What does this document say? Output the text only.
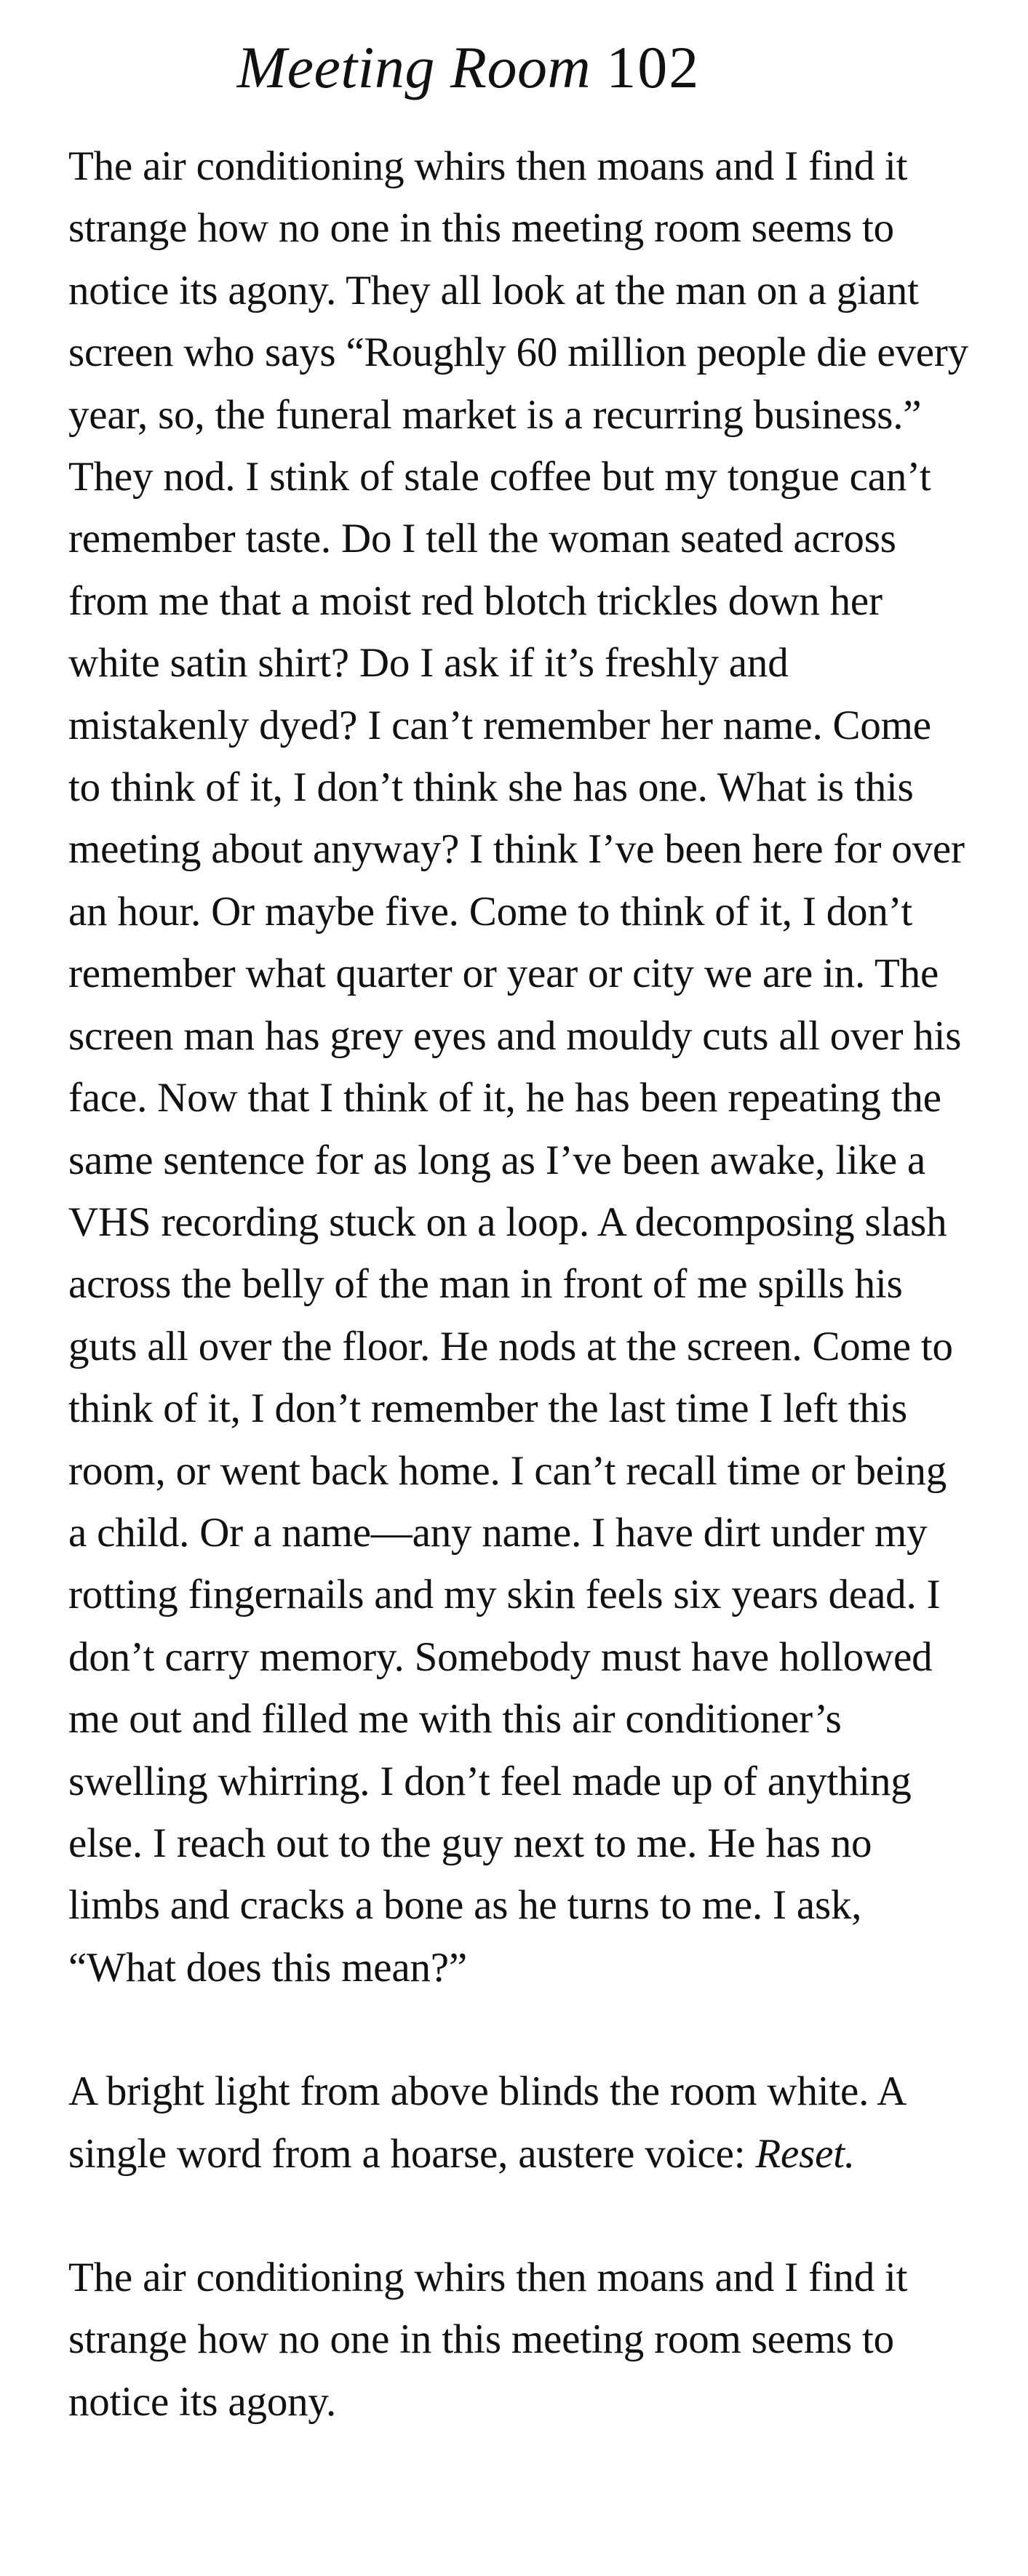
Meeting Room 102

The air conditioning whirs then moans and I find it strange how no one in this meeting room seems to notice its agony. They all look at the man on a giant screen who says “Roughly 60 million people die every year, so, the funeral market is a recurring business.” They nod. I stink of stale coffee but my tongue can’t remember taste. Do I tell the woman seated across from me that a moist red blotch trickles down her white satin shirt? Do I ask if it’s freshly and mistakenly dyed? I can’t remember her name. Come to think of it, I don’t think she has one. What is this meeting about anyway? I think I’ve been here for over an hour. Or maybe five. Come to think of it, I don’t remember what quarter or year or city we are in. The screen man has grey eyes and mouldy cuts all over his face. Now that I think of it, he has been repeating the same sentence for as long as I’ve been awake, like a VHS recording stuck on a loop. A decomposing slash across the belly of the man in front of me spills his guts all over the floor. He nods at the screen. Come to think of it, I don’t remember the last time I left this room, or went back home. I can’t recall time or being a child. Or a name—any name. I have dirt under my rotting fingernails and my skin feels six years dead. I don’t carry memory. Somebody must have hollowed me out and filled me with this air conditioner’s swelling whirring. I don’t feel made up of anything else. I reach out to the guy next to me. He has no limbs and cracks a bone as he turns to me. I ask, “What does this mean?”

A bright light from above blinds the room white. A single word from a hoarse, austere voice: Reset.

The air conditioning whirs then moans and I find it strange how no one in this meeting room seems to notice its agony.
